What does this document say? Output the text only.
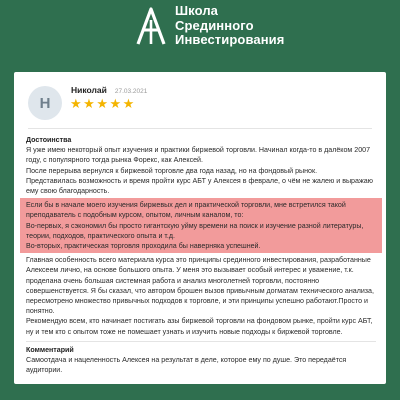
Школа
Срединного
Инвестирования
Н
Николай 27.03.2021
★ ★ ★ ★ ★
Достоинства
Я уже имею некоторый опыт изучения и практики биржевой торговли. Начинал когда-то в далёком 2007 году, с популярного тогда рынка Форекс, как Алексей.
После перерыва вернулся к биржевой торговле два года назад, но на фондовый рынок.
Представилась возможность и время пройти курс АБТ у Алексея в феврале, о чём не жалею и выражаю ему свою благодарность.
Если бы в начале моего изучения биржевых дел и практической торговли, мне встретился такой преподаватель с подобным курсом, опытом, личным каналом, то:
Во-первых, я сэкономил бы просто гигантскую уйму времени на поиск и изучение разной литературы, теории, подходов, практического опыта и т.д.
Во-вторых, практическая торговля проходила бы наверняка успешней.
Главная особенность всего материала курса это принципы срединного инвестирования, разработанные Алексеем лично, на основе большого опыта. У меня это вызывает особый интерес и уважение, т.к. проделана очень большая системная работа и анализ многолетней торговли, постоянно совершенствуется. Я бы сказал, что автором брошен вызов привычным догматам технического анализа, пересмотрено множество привычных подходов к торговле, и эти принципы успешно работают.Просто и понятно.
Рекомендую всем, кто начинает постигать азы биржевой торговли на фондовом рынке, пройти курс АБТ, ну и тем кто с опытом тоже не помешает узнать и изучить новые подходы к биржевой торговле.
Комментарий
Самоотдача и нацеленность Алексея на результат в деле, которое ему по душе. Это передаётся аудитории.
